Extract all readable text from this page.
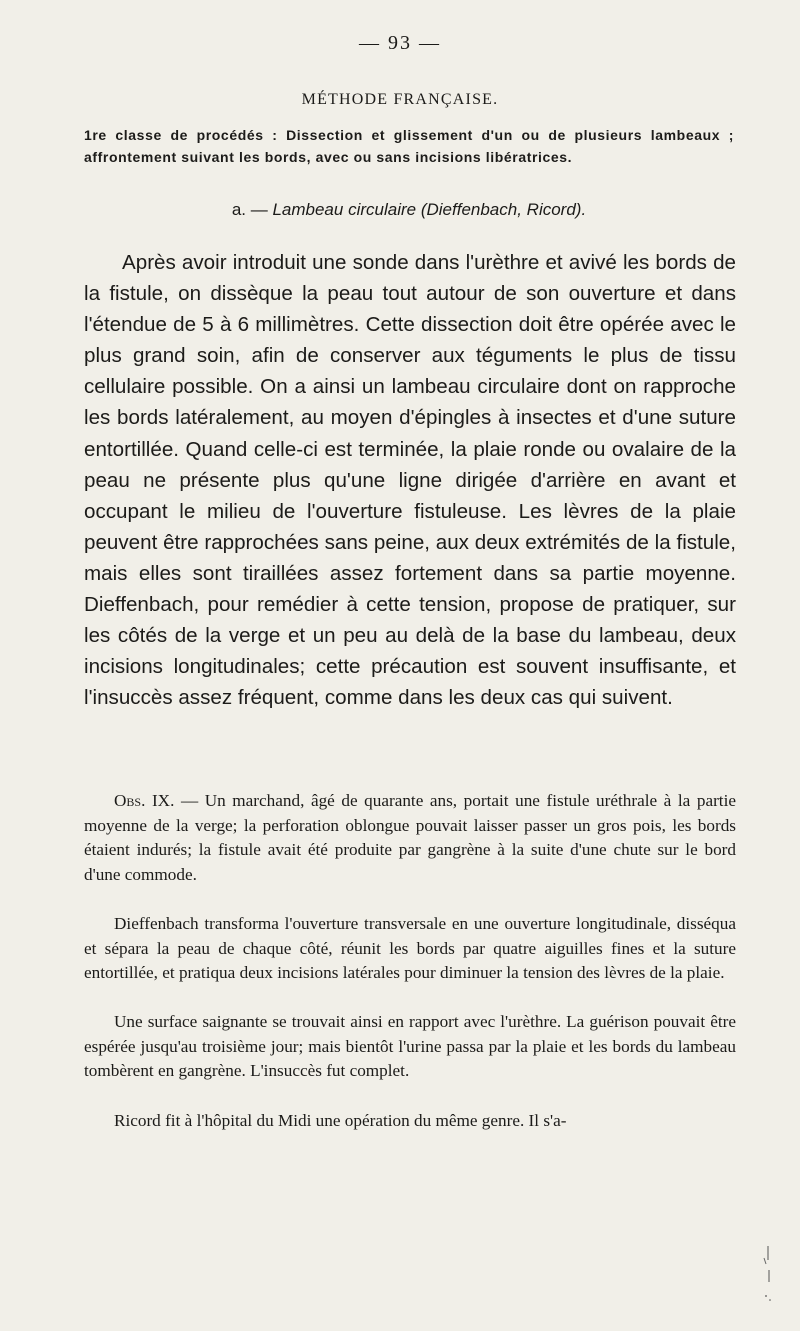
— 93 —
MÉTHODE FRANÇAISE.
1re classe de procédés : Dissection et glissement d'un ou de plusieurs lambeaux ; affrontement suivant les bords, avec ou sans incisions libératrices.
a. — Lambeau circulaire (Dieffenbach, Ricord).

Après avoir introduit une sonde dans l'urèthre et avivé les bords de la fistule, on dissèque la peau tout autour de son ouverture et dans l'étendue de 5 à 6 millimètres. Cette dissection doit être opérée avec le plus grand soin, afin de conserver aux téguments le plus de tissu cellulaire possible. On a ainsi un lambeau circulaire dont on rapproche les bords latéralement, au moyen d'épingles à insectes et d'une suture entortillée. Quand celle-ci est terminée, la plaie ronde ou ovalaire de la peau ne présente plus qu'une ligne dirigée d'arrière en avant et occupant le milieu de l'ouverture fistuleuse. Les lèvres de la plaie peuvent être rapprochées sans peine, aux deux extrémités de la fistule, mais elles sont tiraillées assez fortement dans sa partie moyenne. Dieffenbach, pour remédier à cette tension, propose de pratiquer, sur les côtés de la verge et un peu au delà de la base du lambeau, deux incisions longitudinales; cette précaution est souvent insuffisante, et l'insuccès assez fréquent, comme dans les deux cas qui suivent.

Obs. IX. — Un marchand, âgé de quarante ans, portait une fistule uréthrale à la partie moyenne de la verge; la perforation oblongue pouvait laisser passer un gros pois, les bords étaient indurés; la fistule avait été produite par gangrène à la suite d'une chute sur le bord d'une commode.

Dieffenbach transforma l'ouverture transversale en une ouverture longitudinale, disséqua et sépara la peau de chaque côté, réunit les bords par quatre aiguilles fines et la suture entortillée, et pratiqua deux incisions latérales pour diminuer la tension des lèvres de la plaie.

Une surface saignante se trouvait ainsi en rapport avec l'urèthre. La guérison pouvait être espérée jusqu'au troisième jour; mais bientôt l'urine passa par la plaie et les bords du lambeau tombèrent en gangrène. L'insuccès fut complet.

Ricord fit à l'hôpital du Midi une opération du même genre. Il s'a-
